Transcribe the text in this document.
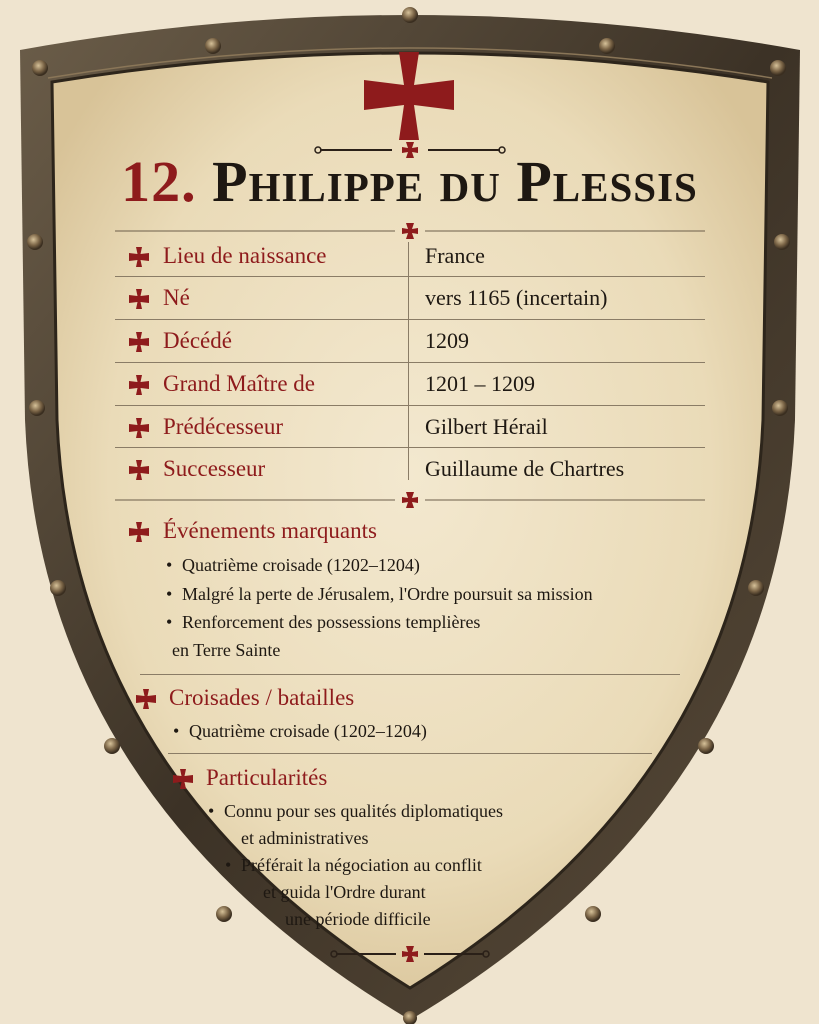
12. Philippe du Plessis
Lieu de naissance	France
Né	vers 1165 (incertain)
Décédé	1209
Grand Maître de	1201 – 1209
Prédécesseur	Gilbert Hérail
Successeur	Guillaume de Chartres
Événements marquants
• Quatrième croisade (1202–1204)
• Malgré la perte de Jérusalem, l'Ordre poursuit sa mission
• Renforcement des possessions templières
en Terre Sainte
Croisades / batailles
• Quatrième croisade (1202–1204)
Particularités
• Connu pour ses qualités diplomatiques
et administratives
• Préférait la négociation au conflit
et guida l'Ordre durant
une période difficile
